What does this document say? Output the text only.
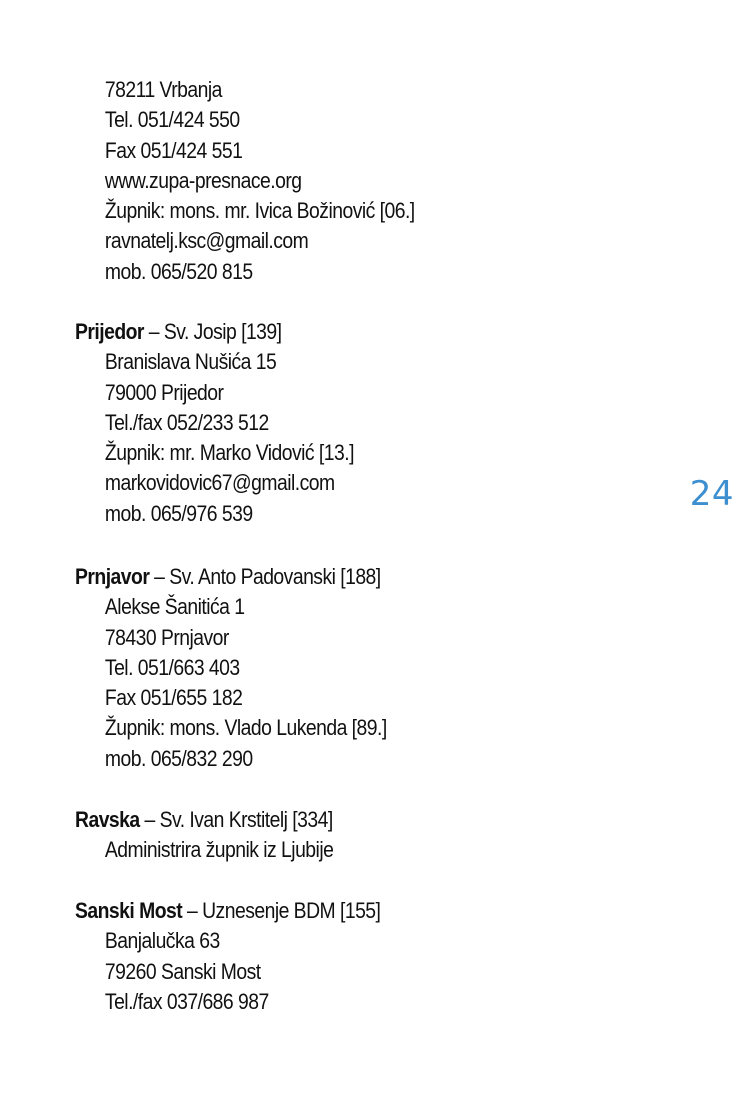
78211 Vrbanja
Tel. 051/424 550
Fax 051/424 551
www.zupa-presnace.org
Župnik: mons. mr. Ivica Božinović [06.]
ravnatelj.ksc@gmail.com
mob. 065/520 815
Prijedor – Sv. Josip [139]
Branislava Nušića 15
79000 Prijedor
Tel./fax 052/233 512
Župnik: mr. Marko Vidović [13.]
markovidovic67@gmail.com
mob. 065/976 539
Prnjavor – Sv. Anto Padovanski [188]
Alekse Šanitića 1
78430 Prnjavor
Tel. 051/663 403
Fax 051/655 182
Župnik: mons. Vlado Lukenda [89.]
mob. 065/832 290
Ravska – Sv. Ivan Krstitelj [334]
Administrira župnik iz Ljubije
Sanski Most – Uznesenje BDM [155]
Banjalučka 63
79260 Sanski Most
Tel./fax 037/686 987
24
